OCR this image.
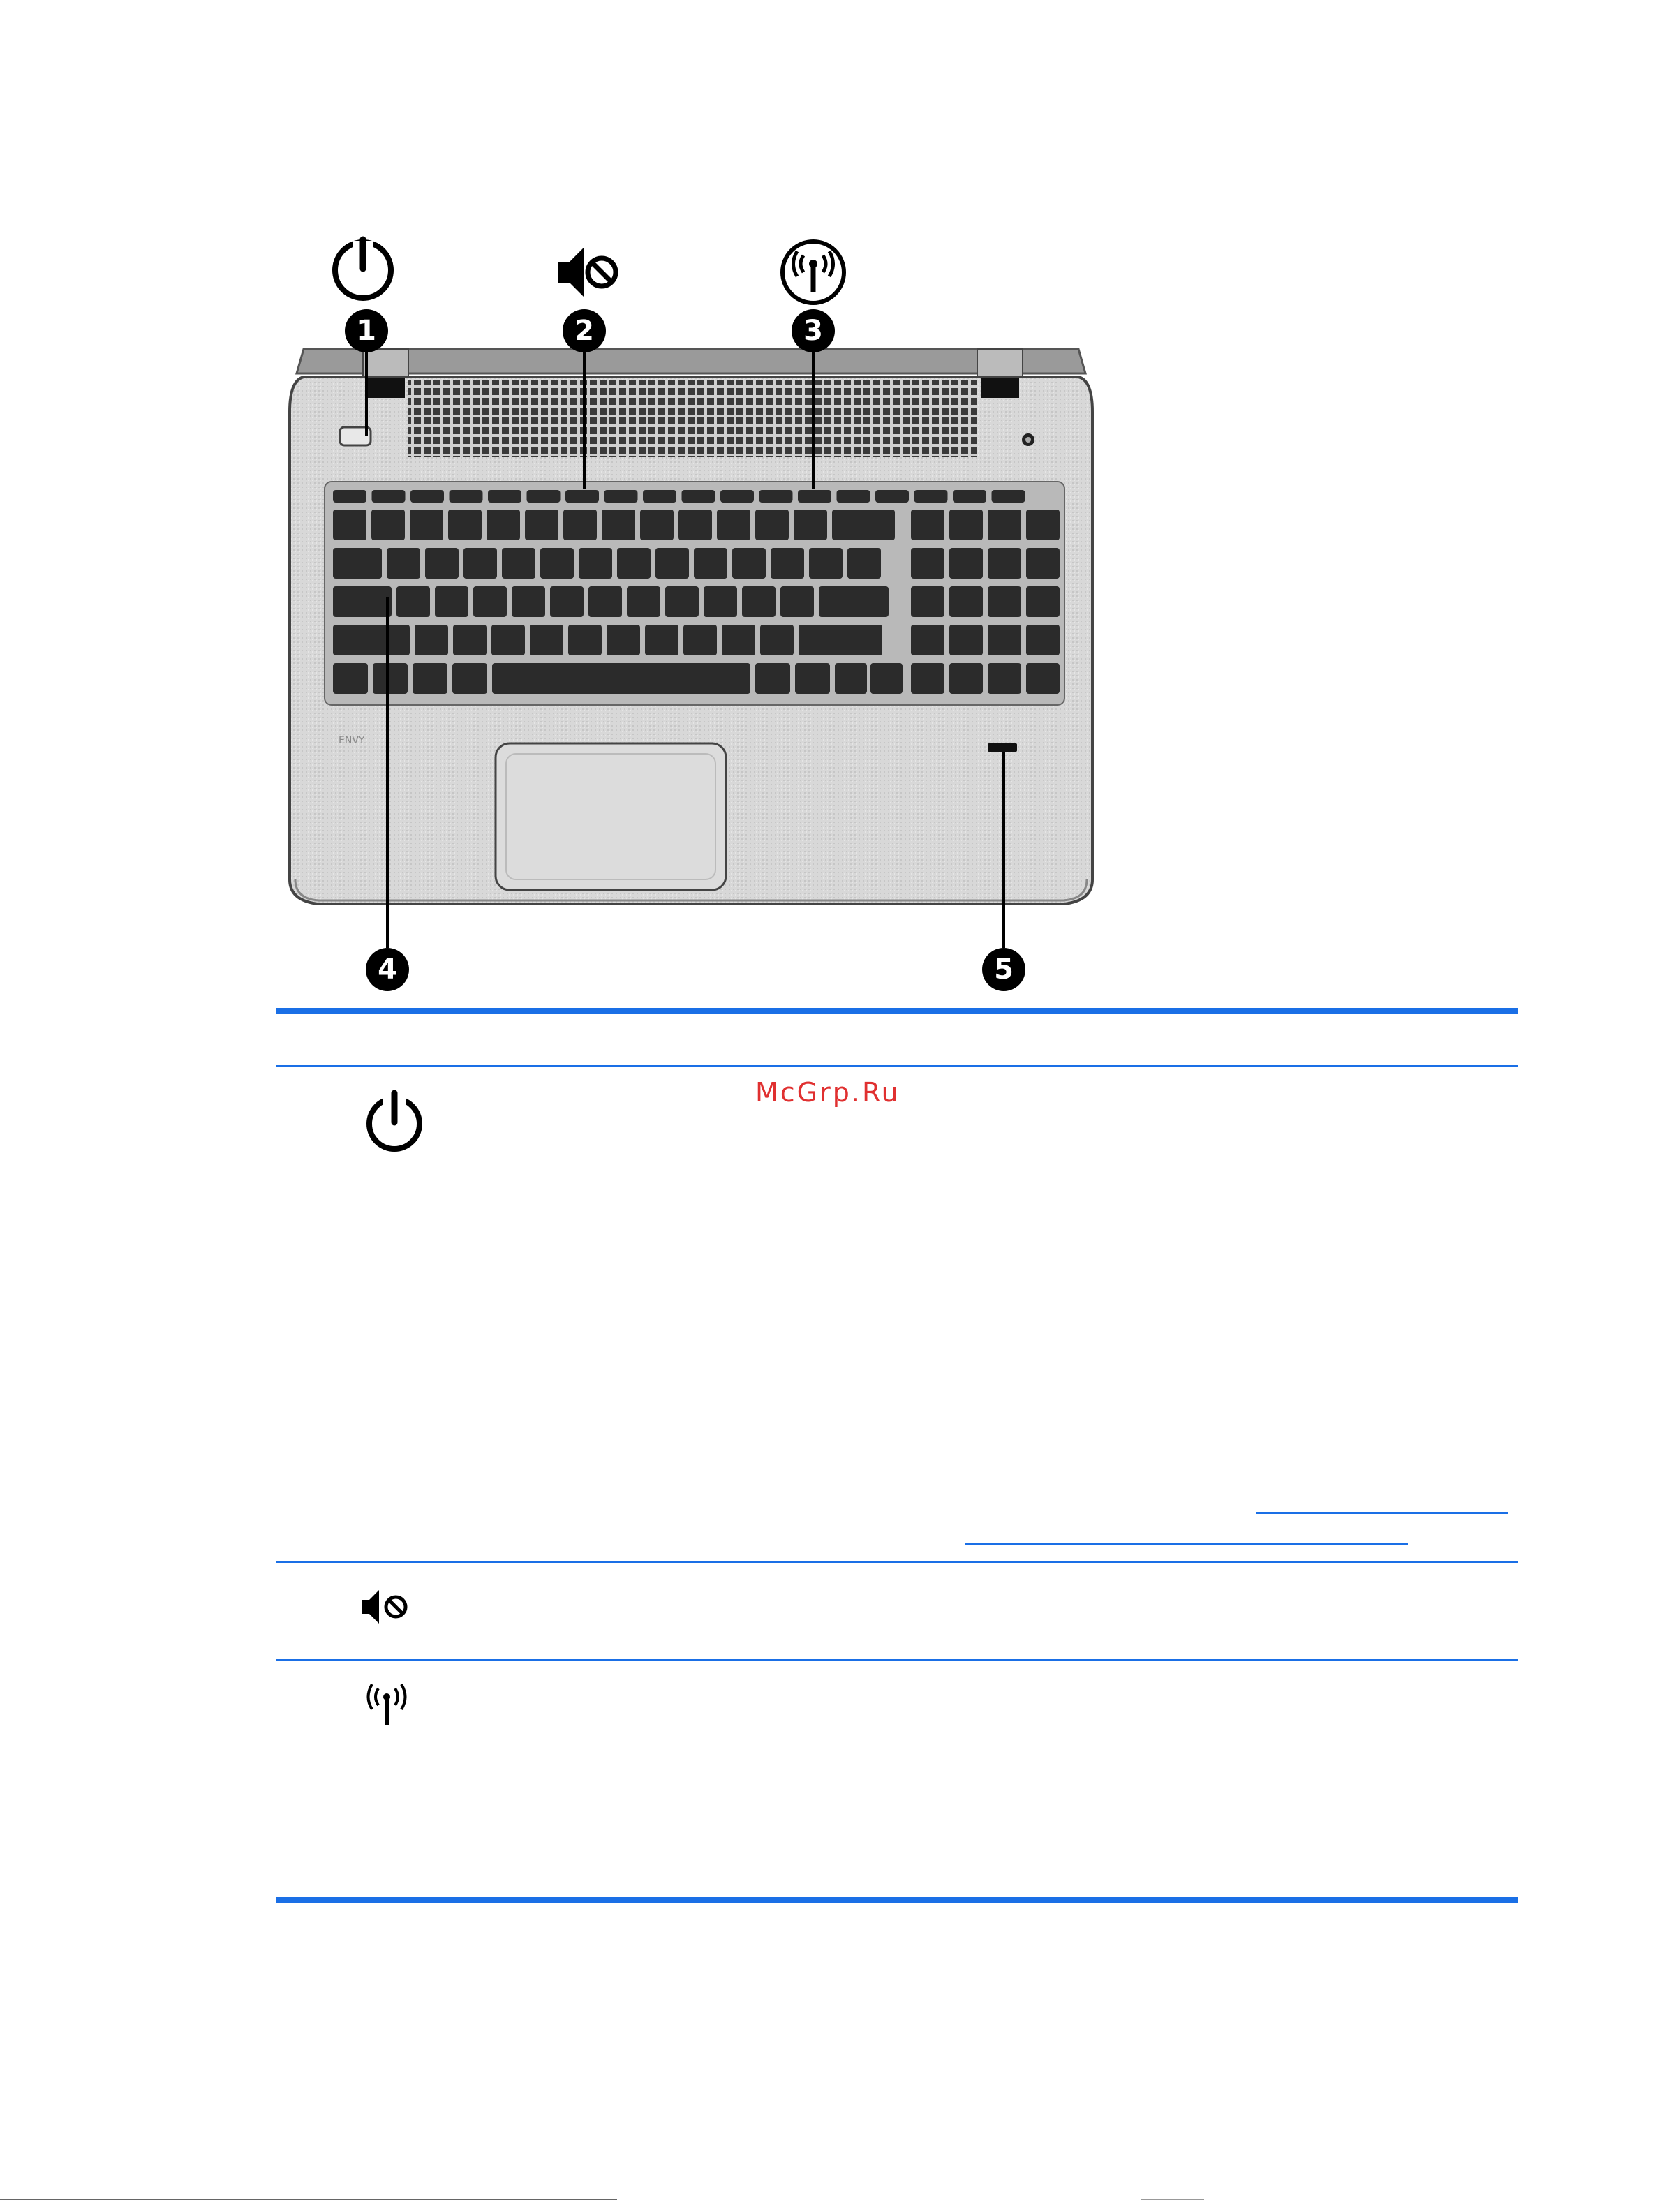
ENVY
1	2	3
4	5
McGrp.Ru
